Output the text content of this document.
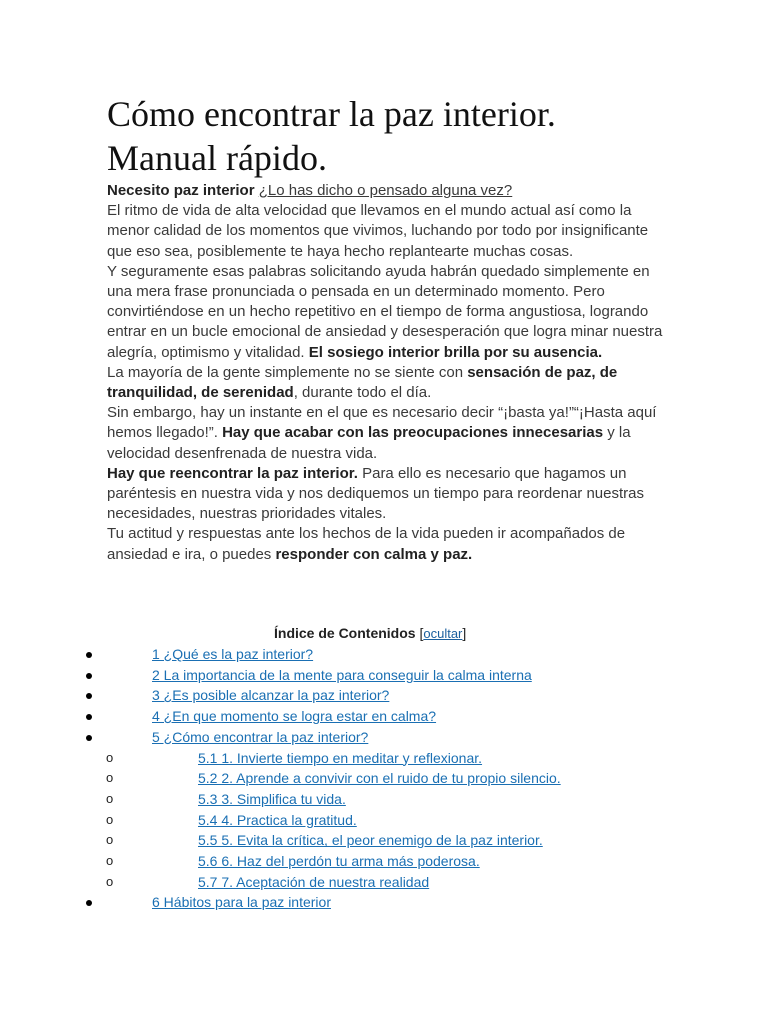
Cómo encontrar la paz interior.
Manual rápido.

Necesito paz interior ¿Lo has dicho o pensado alguna vez?

El ritmo de vida de alta velocidad que llevamos en el mundo actual así como la menor calidad de los momentos que vivimos, luchando por todo por insignificante que eso sea, posiblemente te haya hecho replantearte muchas cosas.

Y seguramente esas palabras solicitando ayuda habrán quedado simplemente en una mera frase pronunciada o pensada en un determinado momento. Pero convirtiéndose en un hecho repetitivo en el tiempo de forma angustiosa, logrando entrar en un bucle emocional de ansiedad y desesperación que logra minar nuestra alegría, optimismo y vitalidad. El sosiego interior brilla por su ausencia.

La mayoría de la gente simplemente no se siente con sensación de paz, de tranquilidad, de serenidad, durante todo el día.

Sin embargo, hay un instante en el que es necesario decir “¡basta ya!”“¡Hasta aquí hemos llegado!”. Hay que acabar con las preocupaciones innecesarias y la velocidad desenfrenada de nuestra vida.

Hay que reencontrar la paz interior. Para ello es necesario que hagamos un paréntesis en nuestra vida y nos dediquemos un tiempo para reordenar nuestras necesidades, nuestras prioridades vitales.

Tu actitud y respuestas ante los hechos de la vida pueden ir acompañados de ansiedad e ira, o puedes responder con calma y paz.

Índice de Contenidos [ocultar]
1 ¿Qué es la paz interior?
2 La importancia de la mente para conseguir la calma interna
3 ¿Es posible alcanzar la paz interior?
4 ¿En que momento se logra estar en calma?
5 ¿Cómo encontrar la paz interior?
o	5.1 1. Invierte tiempo en meditar y reflexionar.
o	5.2 2. Aprende a convivir con el ruido de tu propio silencio.
o	5.3 3. Simplifica tu vida.
o	5.4 4. Practica la gratitud.
o	5.5 5. Evita la crítica, el peor enemigo de la paz interior.
o	5.6 6. Haz del perdón tu arma más poderosa.
o	5.7 7. Aceptación de nuestra realidad
6 Hábitos para la paz interior
